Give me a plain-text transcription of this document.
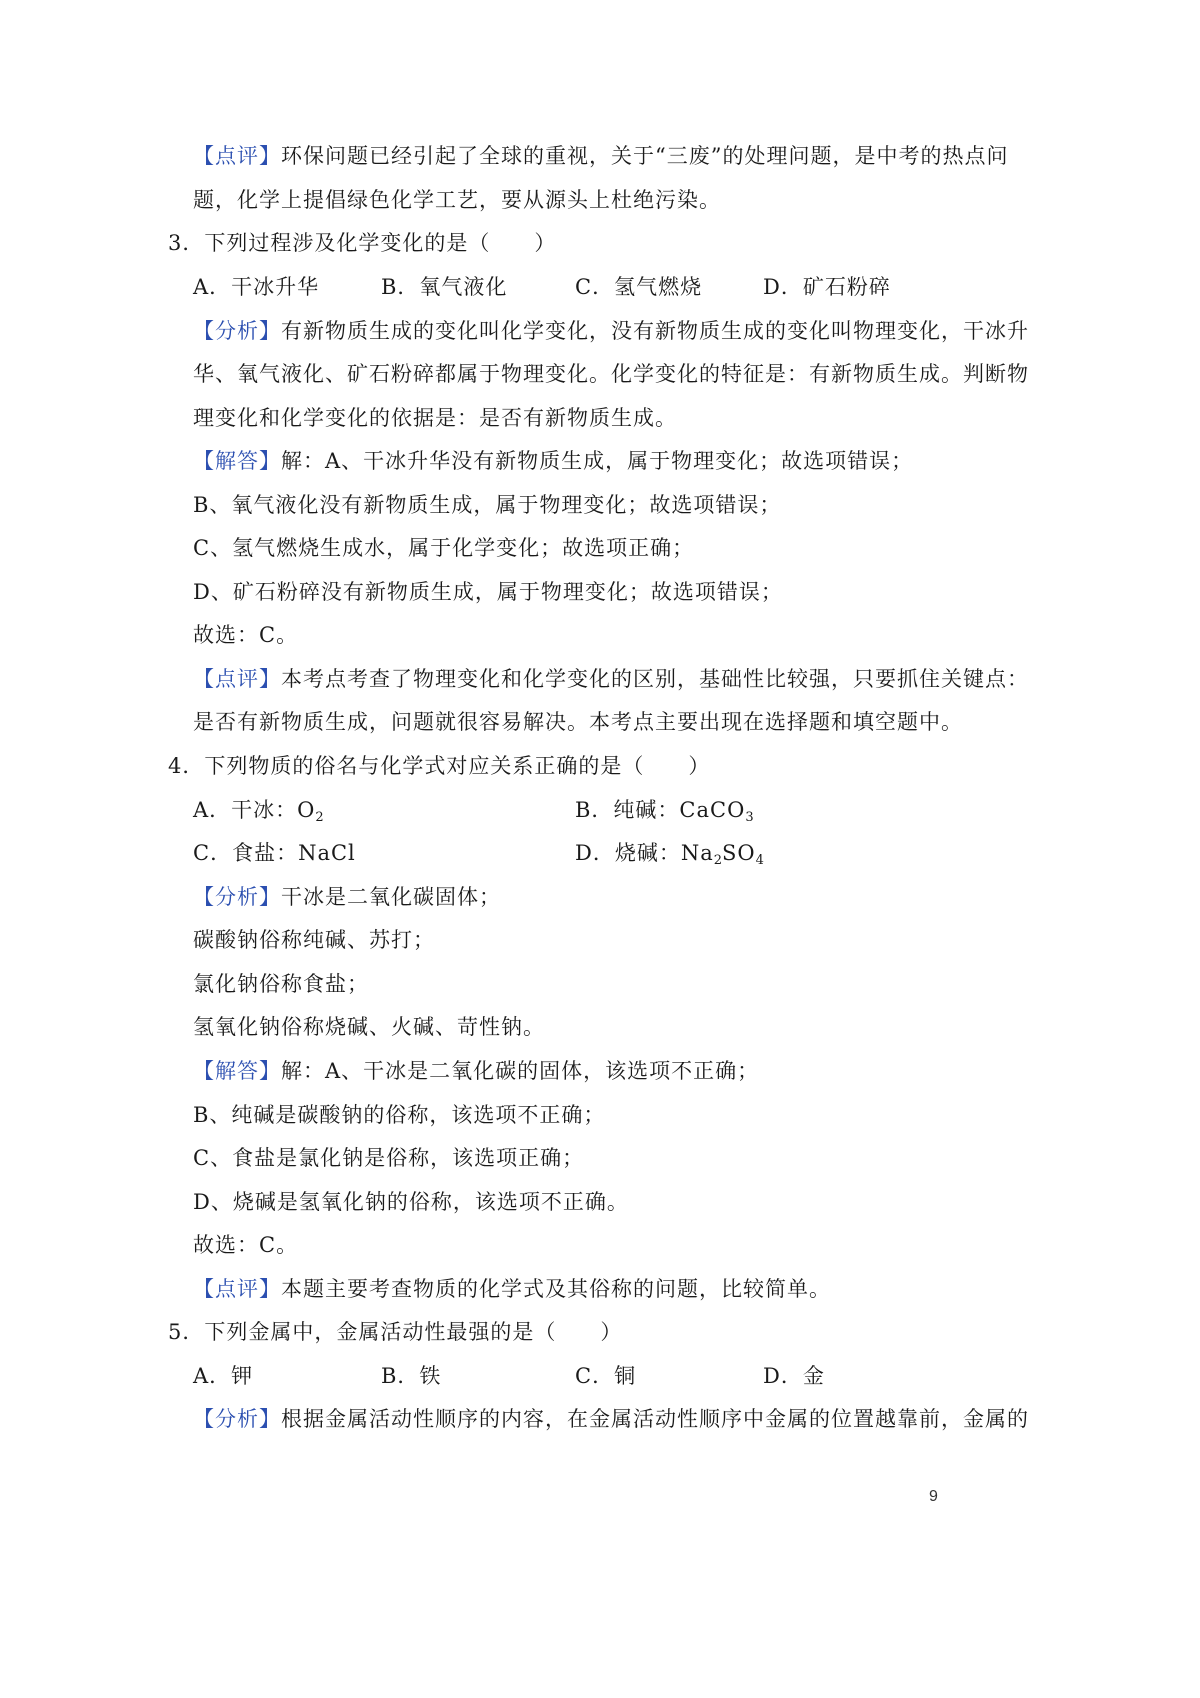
【点评】环保问题已经引起了全球的重视，关于“三废”的处理问题，是中考的热点问
题，化学上提倡绿色化学工艺，要从源头上杜绝污染。
3．下列过程涉及化学变化的是（　　）
A．干冰升华	B．氧气液化	C．氢气燃烧	D．矿石粉碎
【分析】有新物质生成的变化叫化学变化，没有新物质生成的变化叫物理变化，干冰升
华、氧气液化、矿石粉碎都属于物理变化。化学变化的特征是：有新物质生成。判断物
理变化和化学变化的依据是：是否有新物质生成。
【解答】解：A、干冰升华没有新物质生成，属于物理变化；故选项错误；
B、氧气液化没有新物质生成，属于物理变化；故选项错误；
C、氢气燃烧生成水，属于化学变化；故选项正确；
D、矿石粉碎没有新物质生成，属于物理变化；故选项错误；
故选：C。
【点评】本考点考查了物理变化和化学变化的区别，基础性比较强，只要抓住关键点：
是否有新物质生成，问题就很容易解决。本考点主要出现在选择题和填空题中。
4．下列物质的俗名与化学式对应关系正确的是（　　）
A．干冰：$O_2$	B．纯碱：CaCO$_3$
C．食盐：NaCl	D．烧碱：$Na_2SO_4$
【分析】干冰是二氧化碳固体；
碳酸钠俗称纯碱、苏打；
氯化钠俗称食盐；
氢氧化钠俗称烧碱、火碱、苛性钠。
【解答】解：A、干冰是二氧化碳的固体，该选项不正确；
B、纯碱是碳酸钠的俗称，该选项不正确；
C、食盐是氯化钠是俗称，该选项正确；
D、烧碱是氢氧化钠的俗称，该选项不正确。
故选：C。
【点评】本题主要考查物质的化学式及其俗称的问题，比较简单。
5．下列金属中，金属活动性最强的是（　　）
A．钾	B．铁	C．铜	D．金
【分析】根据金属活动性顺序的内容，在金属活动性顺序中金属的位置越靠前，金属的
9
